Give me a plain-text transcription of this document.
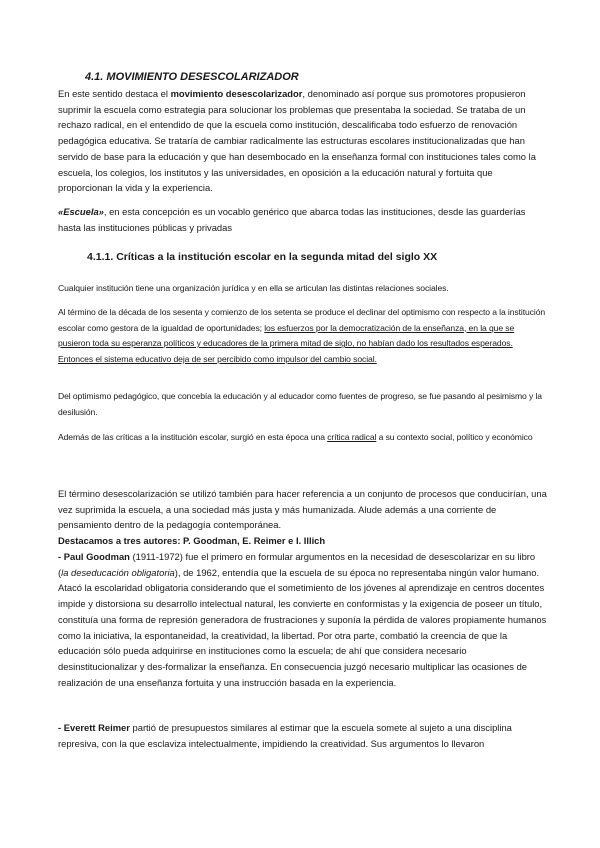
4.1. MOVIMIENTO DESESCOLARIZADOR

En este sentido destaca el movimiento desescolarizador, denominado así porque sus promotores propusieron suprimir la escuela como estrategia para solucionar los problemas que presentaba la sociedad. Se trataba de un rechazo radical, en el entendido de que la escuela como institución, descalificaba todo esfuerzo de renovación pedagógica educativa. Se trataría de cambiar radicalmente las estructuras escolares institucionalizadas que han servido de base para la educación y que han desembocado en la enseñanza formal con instituciones tales como la escuela, los colegios, los institutos y las universidades, en oposición a la educación natural y fortuita que proporcionan la vida y la experiencia.

«Escuela», en esta concepción es un vocablo genérico que abarca todas las instituciones, desde las guarderías hasta las instituciones públicas y privadas

4.1.1. Críticas a la institución escolar en la segunda mitad del siglo XX

Cualquier institución tiene una organización jurídica y en ella se articulan las distintas relaciones sociales.

Al término de la década de los sesenta y comienzo de los setenta se produce el declinar del optimismo con respecto a la institución escolar como gestora de la igualdad de oportunidades; los esfuerzos por la democratización de la enseñanza, en la que se pusieron toda su esperanza políticos y educadores de la primera mitad de siglo, no habían dado los resultados esperados. Entonces el sistema educativo deja de ser percibido como impulsor del cambio social.

Del optimismo pedagógico, que concebía la educación y al educador como fuentes de progreso, se fue pasando al pesimismo y la desilusión.

Además de las críticas a la institución escolar, surgió en esta época una crítica radical a su contexto social, político y económico

El término desescolarización se utilizó también para hacer referencia a un conjunto de procesos que conducirían, una vez suprimida la escuela, a una sociedad más justa y más humanizada. Alude además a una corriente de pensamiento dentro de la pedagogía contemporánea.

Destacamos a tres autores: P. Goodman, E. Reimer e I. Illich

- Paul Goodman (1911-1972) fue el primero en formular argumentos en la necesidad de desescolarizar en su libro (la deseducación obligatoria), de 1962, entendía que la escuela de su época no representaba ningún valor humano. Atacó la escolaridad obligatoria considerando que el sometimiento de los jóvenes al aprendizaje en centros docentes impide y distorsiona su desarrollo intelectual natural, les convierte en conformistas y la exigencia de poseer un título, constituía una forma de represión generadora de frustraciones y suponía la pérdida de valores propiamente humanos como la iniciativa, la espontaneidad, la creatividad, la libertad. Por otra parte, combatió la creencia de que la educación sólo pueda adquirirse en instituciones como la escuela; de ahí que considera necesario desinstitucionalizar y des-formalizar la enseñanza. En consecuencia juzgó necesario multiplicar las ocasiones de realización de una enseñanza fortuita y una instrucción basada en la experiencia.

- Everett Reimer partió de presupuestos similares al estimar que la escuela somete al sujeto a una disciplina represiva, con la que esclaviza intelectualmente, impidiendo la creatividad. Sus argumentos lo llevaron
